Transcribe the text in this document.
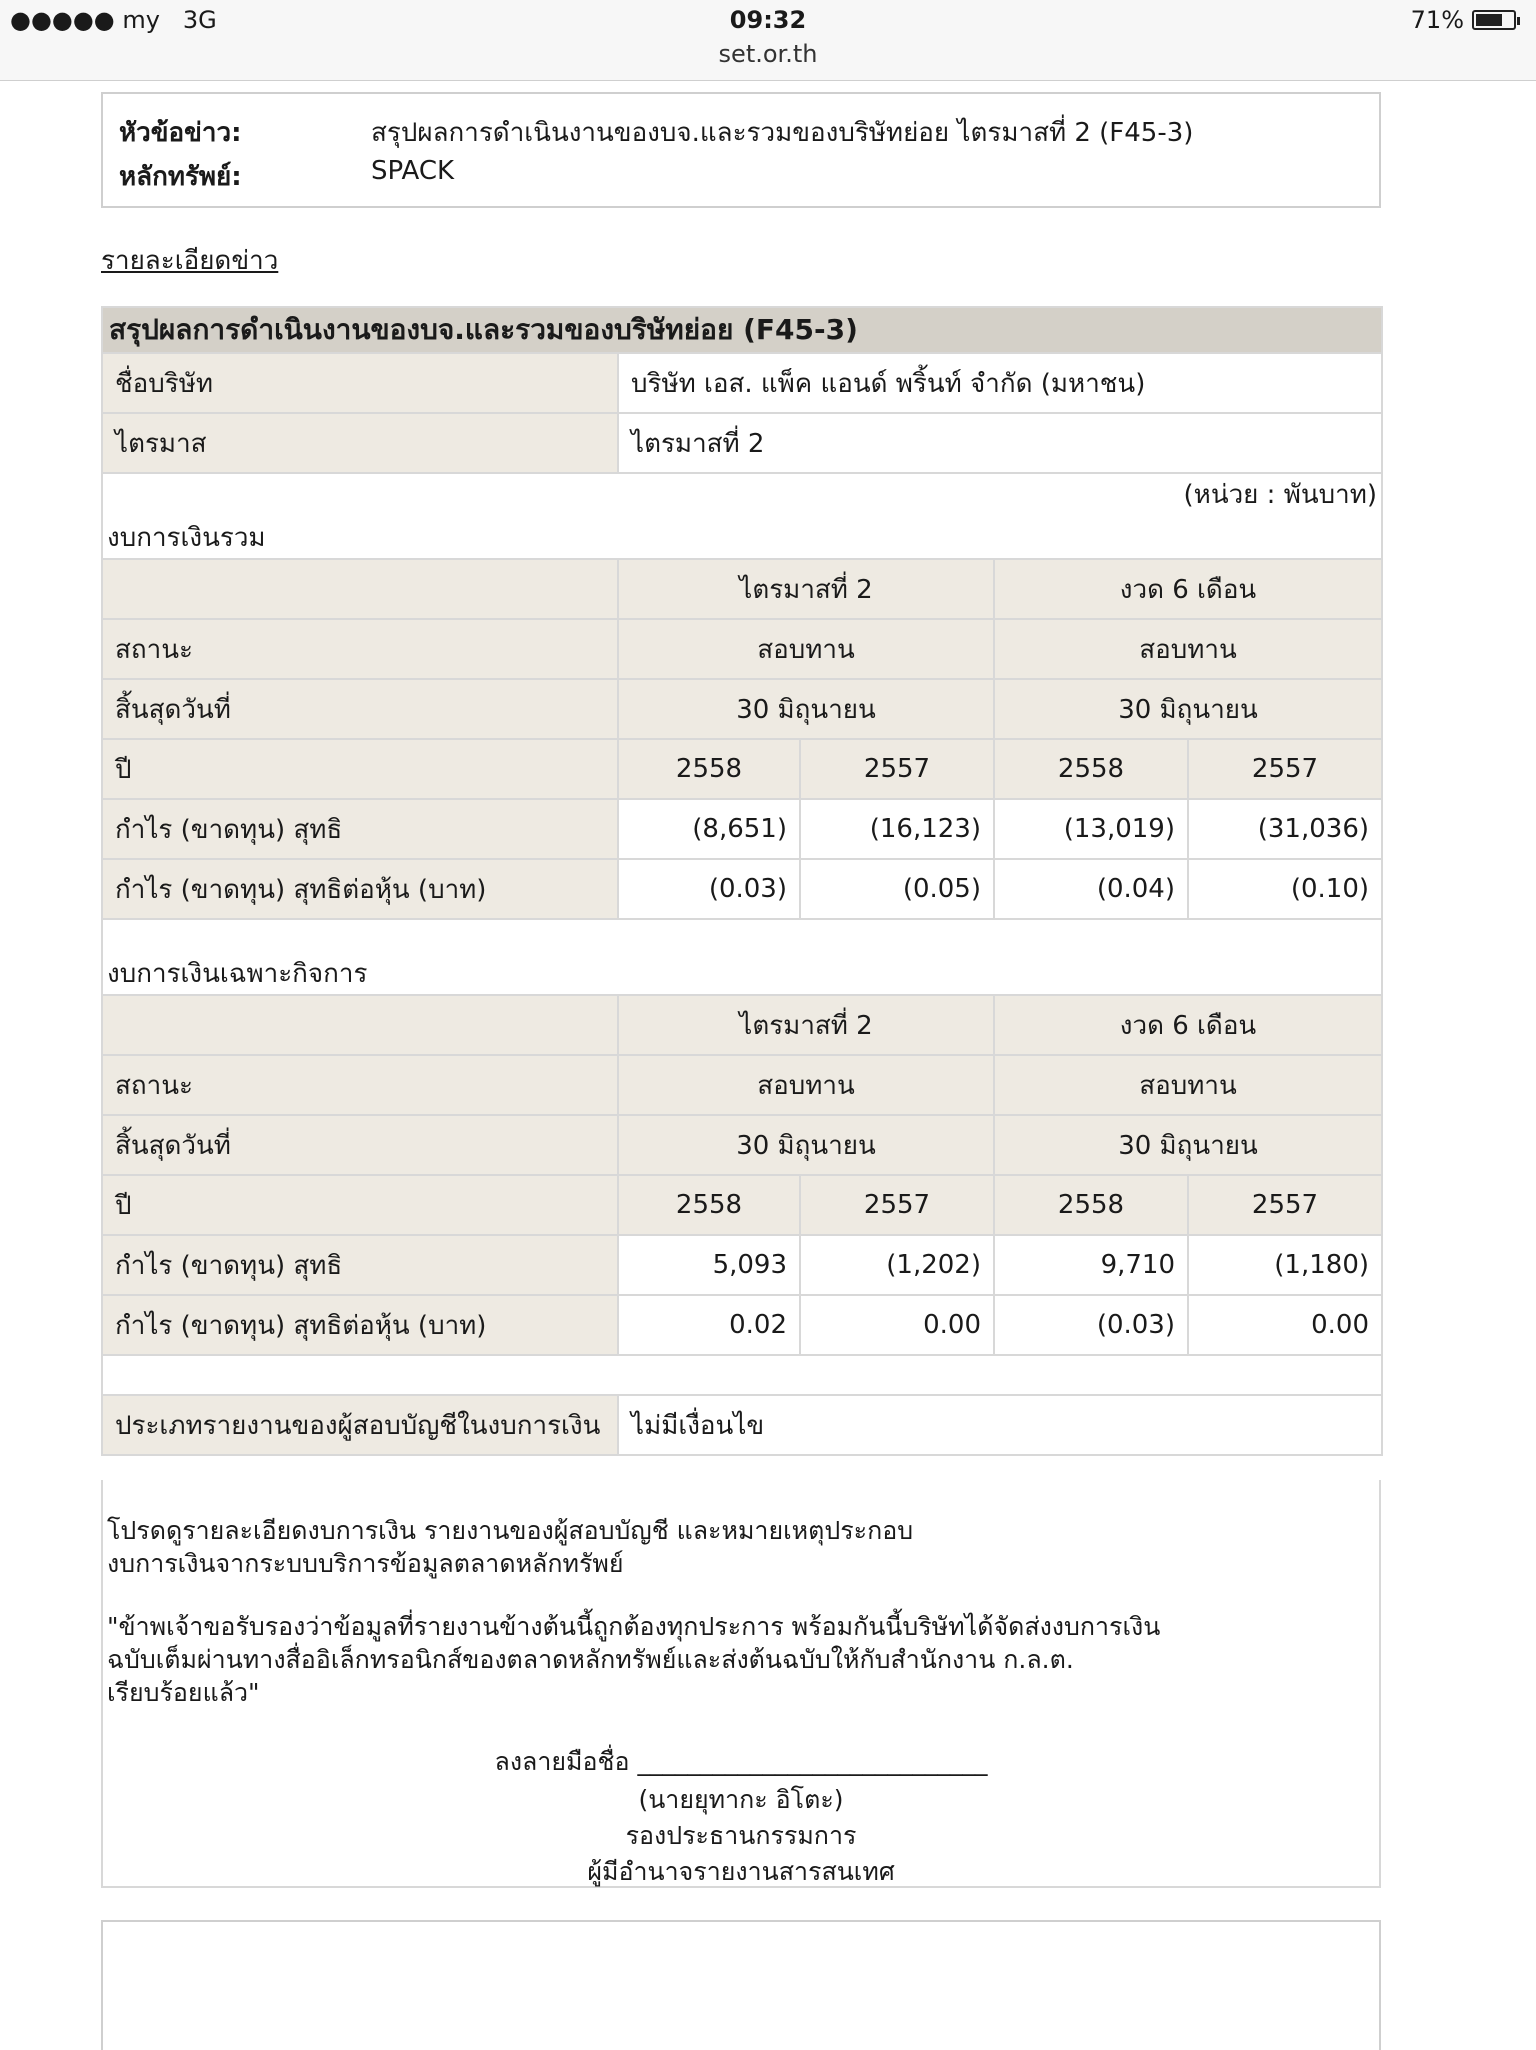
●●●●● my 3G	09:32
set.or.th
71%
หัวข้อข่าว:	สรุปผลการดำเนินงานของบจ.และรวมของบริษัทย่อย ไตรมาสที่ 2 (F45-3)
หลักทรัพย์:	SPACK
รายละเอียดข่าว
สรุปผลการดำเนินงานของบจ.และรวมของบริษัทย่อย (F45-3)				
ชื่อบริษัท	บริษัท เอส. แพ็ค แอนด์ พริ้นท์ จำกัด (มหาชน)			
ไตรมาส	ไตรมาสที่ 2			
(หน่วย : พันบาท)				
งบการเงินรวม				
	ไตรมาสที่ 2		งวด 6 เดือน	
สถานะ	สอบทาน		สอบทาน	
สิ้นสุดวันที่	30 มิถุนายน		30 มิถุนายน	
ปี	2558	2557	2558	2557
กำไร (ขาดทุน) สุทธิ	(8,651)	(16,123)	(13,019)	(31,036)
กำไร (ขาดทุน) สุทธิต่อหุ้น (บาท)	(0.03)	(0.05)	(0.04)	(0.10)
งบการเงินเฉพาะกิจการ				
	ไตรมาสที่ 2		งวด 6 เดือน	
สถานะ	สอบทาน		สอบทาน	
สิ้นสุดวันที่	30 มิถุนายน		30 มิถุนายน	
ปี	2558	2557	2558	2557
กำไร (ขาดทุน) สุทธิ	5,093	(1,202)	9,710	(1,180)
กำไร (ขาดทุน) สุทธิต่อหุ้น (บาท)	0.02	0.00	(0.03)	0.00

ประเภทรายงานของผู้สอบบัญชีในงบการเงิน	ไม่มีเงื่อนไข			
โปรดดูรายละเอียดงบการเงิน รายงานของผู้สอบบัญชี และหมายเหตุประกอบ
งบการเงินจากระบบบริการข้อมูลตลาดหลักทรัพย์
"ข้าพเจ้าขอรับรองว่าข้อมูลที่รายงานข้างต้นนี้ถูกต้องทุกประการ พร้อมกันนี้บริษัทได้จัดส่งงบการเงิน
ฉบับเต็มผ่านทางสื่ออิเล็กทรอนิกส์ของตลาดหลักทรัพย์และส่งต้นฉบับให้กับสำนักงาน ก.ล.ต.
เรียบร้อยแล้ว"
ลงลายมือชื่อ ____________________________
(นายยุทากะ อิโตะ)
รองประธานกรรมการ
ผู้มีอำนาจรายงานสารสนเทศ
